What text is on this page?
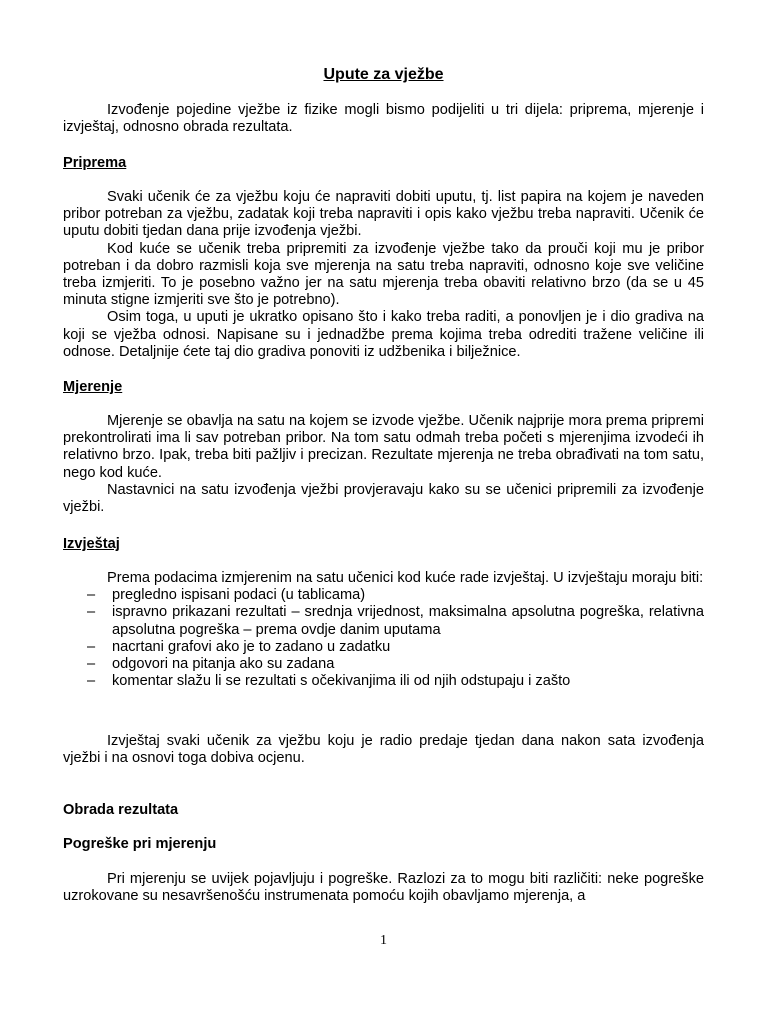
Upute za vježbe

Izvođenje pojedine vježbe iz fizike mogli bismo podijeliti u tri dijela: priprema, mjerenje i izvještaj, odnosno obrada rezultata.

Priprema

Svaki učenik će za vježbu koju će napraviti dobiti uputu, tj. list papira na kojem je naveden pribor potreban za vježbu, zadatak koji treba napraviti i opis kako vježbu treba napraviti. Učenik će uputu dobiti tjedan dana prije izvođenja vježbi.

Kod kuće se učenik treba pripremiti za izvođenje vježbe tako da prouči koji mu je pribor potreban i da dobro razmisli koja sve mjerenja na satu treba napraviti, odnosno koje sve veličine treba izmjeriti. To je posebno važno jer na satu mjerenja treba obaviti relativno brzo (da se u 45 minuta stigne izmjeriti sve što je potrebno).

Osim toga, u uputi je ukratko opisano što i kako treba raditi, a ponovljen je i dio gradiva na koji se vježba odnosi. Napisane su i jednadžbe prema kojima treba odrediti tražene veličine ili odnose. Detaljnije ćete taj dio gradiva ponoviti iz udžbenika i bilježnice.

Mjerenje

Mjerenje se obavlja na satu na kojem se izvode vježbe. Učenik najprije mora prema pripremi prekontrolirati ima li sav potreban pribor. Na tom satu odmah treba početi s mjerenjima izvodeći ih relativno brzo. Ipak, treba biti pažljiv i precizan. Rezultate mjerenja ne treba obrađivati na tom satu, nego kod kuće.

Nastavnici na satu izvođenja vježbi provjeravaju kako su se učenici pripremili za izvođenje vježbi.

Izvještaj

Prema podacima izmjerenim na satu učenici kod kuće rade izvještaj. U izvještaju moraju biti:

– pregledno ispisani podaci (u tablicama)
– ispravno prikazani rezultati – srednja vrijednost, maksimalna apsolutna pogreška, relativna apsolutna pogreška – prema ovdje danim uputama
– nacrtani grafovi ako je to zadano u zadatku
– odgovori na pitanja ako su zadana
– komentar slažu li se rezultati s očekivanjima ili od njih odstupaju i zašto

Izvještaj svaki učenik za vježbu koju je radio predaje tjedan dana nakon sata izvođenja vježbi i na osnovi toga dobiva ocjenu.

Obrada rezultata
Pogreške pri mjerenju

Pri mjerenju se uvijek pojavljuju i pogreške. Razlozi za to mogu biti različiti: neke pogreške uzrokovane su nesavršenošću instrumenata pomoću kojih obavljamo mjerenja, a

1
